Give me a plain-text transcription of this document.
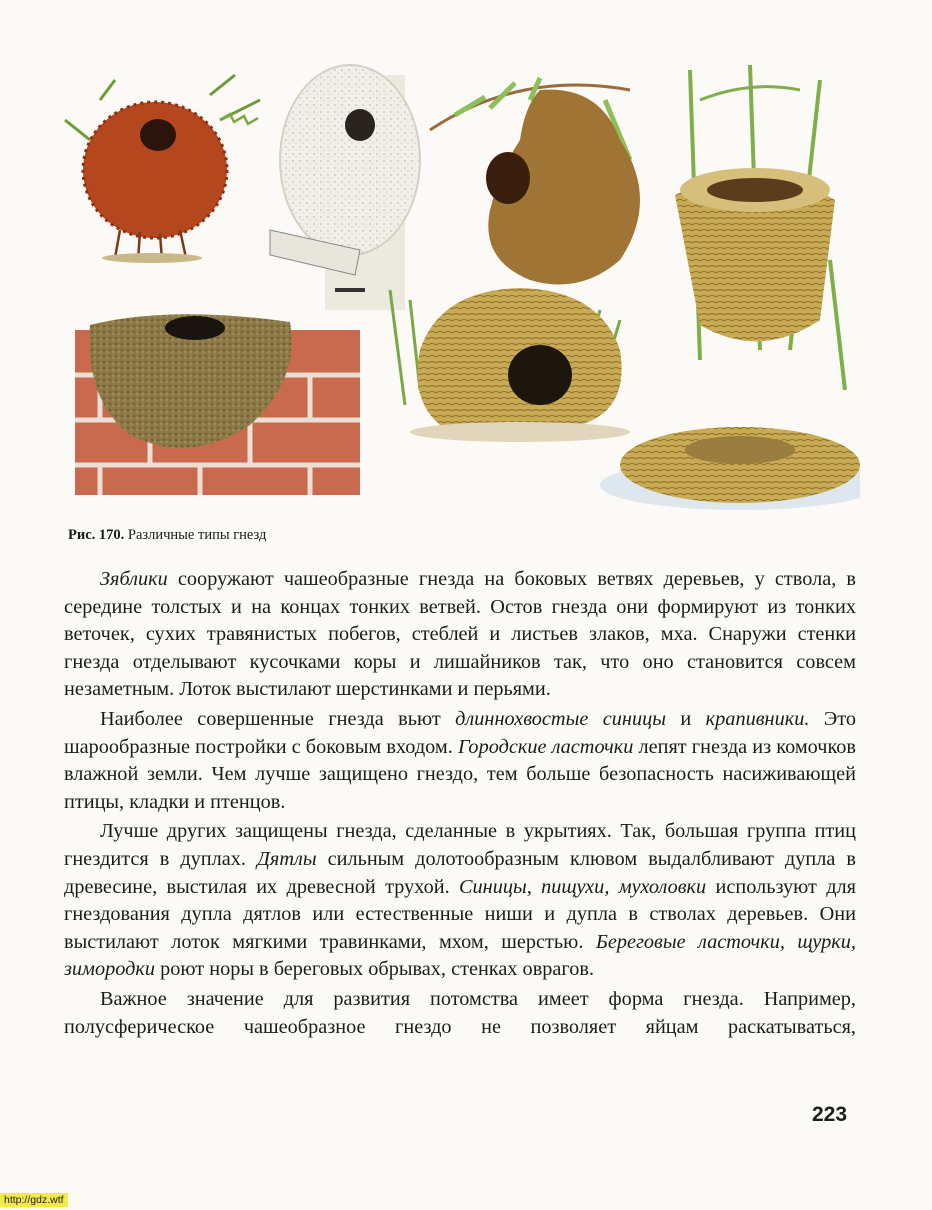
Рис. 170. Различные типы гнезд

Зяблики сооружают чашеобразные гнезда на боковых ветвях деревьев, у ствола, в середине толстых и на концах тонких ветвей. Остов гнезда они формируют из тонких веточек, сухих травянистых побегов, стеблей и листьев злаков, мха. Снаружи стенки гнезда отделывают кусочками коры и лишайников так, что оно становится совсем незаметным. Лоток выстилают шерстинками и перьями.

Наиболее совершенные гнезда вьют длиннохвостые синицы и крапивники. Это шарообразные постройки с боковым входом. Городские ласточки лепят гнезда из комочков влажной земли. Чем лучше защищено гнездо, тем больше безопасность насиживающей птицы, кладки и птенцов.

Лучше других защищены гнезда, сделанные в укрытиях. Так, большая группа птиц гнездится в дуплах. Дятлы сильным долотообразным клювом выдалбливают дупла в древесине, выстилая их древесной трухой. Синицы, пищухи, мухоловки используют для гнездования дупла дятлов или естественные ниши и дупла в стволах деревьев. Они выстилают лоток мягкими травинками, мхом, шерстью. Береговые ласточки, щурки, зимородки роют норы в береговых обрывах, стенках оврагов.

Важное значение для развития потомства имеет форма гнезда. Например, полусферическое чашеобразное гнездо не позволяет яйцам раскатываться,

223
http://gdz.wtf
